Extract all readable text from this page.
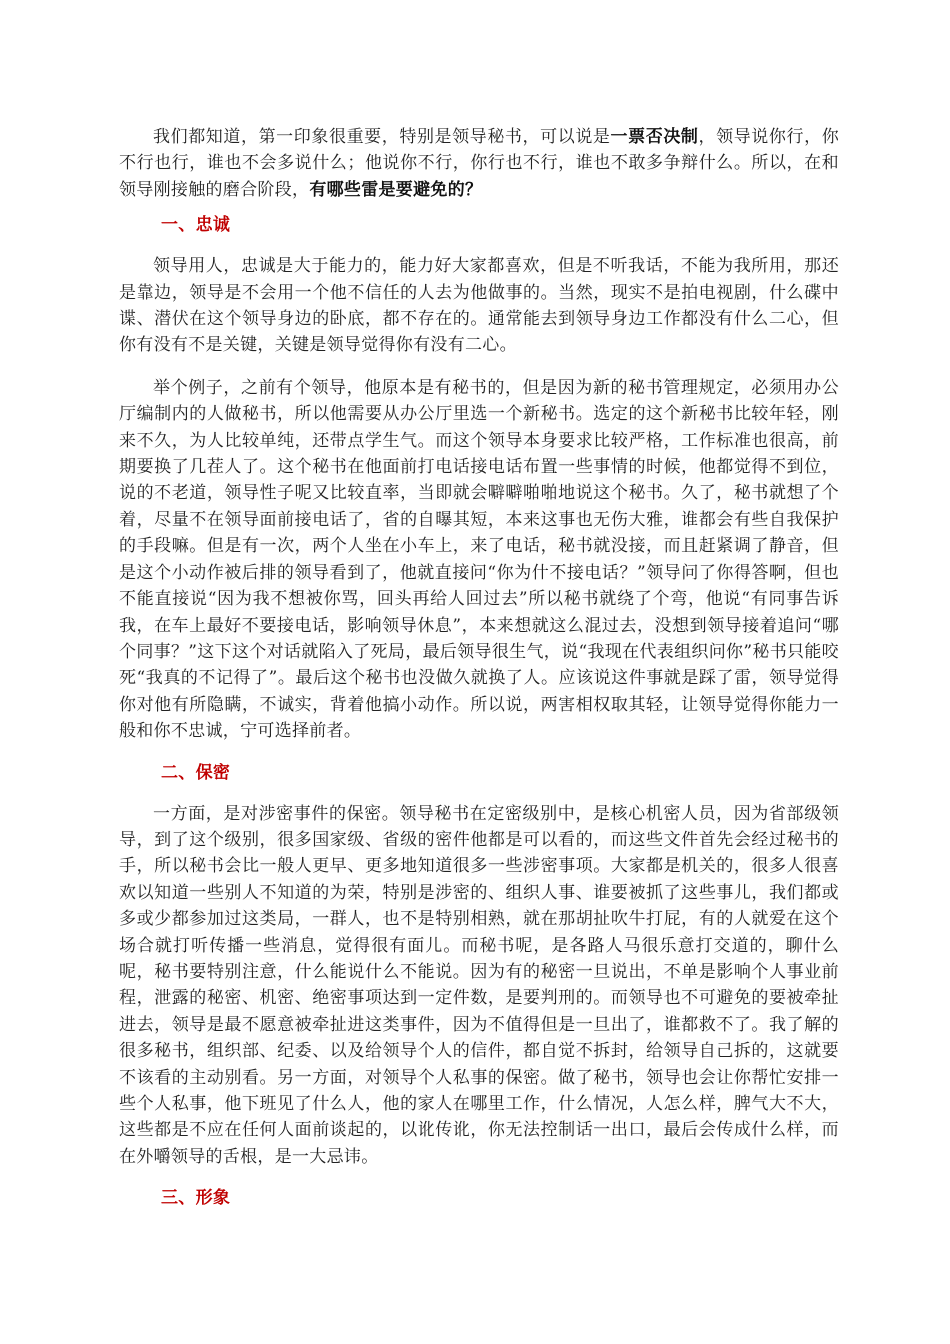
我们都知道，第一印象很重要，特别是领导秘书，可以说是一票否决制，领导说你行，你不行也行，谁也不会多说什么；他说你不行，你行也不行，谁也不敢多争辩什么。所以，在和领导刚接触的磨合阶段，有哪些雷是要避免的？

一、忠诚

领导用人，忠诚是大于能力的，能力好大家都喜欢，但是不听我话，不能为我所用，那还是靠边，领导是不会用一个他不信任的人去为他做事的。当然，现实不是拍电视剧，什么碟中谍、潜伏在这个领导身边的卧底，都不存在的。通常能去到领导身边工作都没有什么二心，但你有没有不是关键，关键是领导觉得你有没有二心。

举个例子，之前有个领导，他原本是有秘书的，但是因为新的秘书管理规定，必须用办公厅编制内的人做秘书，所以他需要从办公厅里选一个新秘书。选定的这个新秘书比较年轻，刚来不久，为人比较单纯，还带点学生气。而这个领导本身要求比较严格，工作标准也很高，前期要换了几茬人了。这个秘书在他面前打电话接电话布置一些事情的时候，他都觉得不到位，说的不老道，领导性子呢又比较直率，当即就会噼噼啪啪地说这个秘书。久了，秘书就想了个着，尽量不在领导面前接电话了，省的自曝其短，本来这事也无伤大雅，谁都会有些自我保护的手段嘛。但是有一次，两个人坐在小车上，来了电话，秘书就没接，而且赶紧调了静音，但是这个小动作被后排的领导看到了，他就直接问“你为什不接电话？”领导问了你得答啊，但也不能直接说“因为我不想被你骂，回头再给人回过去”所以秘书就绕了个弯，他说“有同事告诉我，在车上最好不要接电话，影响领导休息”，本来想就这么混过去，没想到领导接着追问“哪个同事？”这下这个对话就陷入了死局，最后领导很生气，说“我现在代表组织问你”秘书只能咬死“我真的不记得了”。最后这个秘书也没做久就换了人。应该说这件事就是踩了雷，领导觉得你对他有所隐瞒，不诚实，背着他搞小动作。所以说，两害相权取其轻，让领导觉得你能力一般和你不忠诚，宁可选择前者。

二、保密

一方面，是对涉密事件的保密。领导秘书在定密级别中，是核心机密人员，因为省部级领导，到了这个级别，很多国家级、省级的密件他都是可以看的，而这些文件首先会经过秘书的手，所以秘书会比一般人更早、更多地知道很多一些涉密事项。大家都是机关的，很多人很喜欢以知道一些别人不知道的为荣，特别是涉密的、组织人事、谁要被抓了这些事儿，我们都或多或少都参加过这类局，一群人，也不是特别相熟，就在那胡扯吹牛打屁，有的人就爱在这个场合就打听传播一些消息，觉得很有面儿。而秘书呢，是各路人马很乐意打交道的，聊什么呢，秘书要特别注意，什么能说什么不能说。因为有的秘密一旦说出，不单是影响个人事业前程，泄露的秘密、机密、绝密事项达到一定件数，是要判刑的。而领导也不可避免的要被牵扯进去，领导是最不愿意被牵扯进这类事件，因为不值得但是一旦出了，谁都救不了。我了解的很多秘书，组织部、纪委、以及给领导个人的信件，都自觉不拆封，给领导自己拆的，这就要不该看的主动别看。另一方面，对领导个人私事的保密。做了秘书，领导也会让你帮忙安排一些个人私事，他下班见了什么人，他的家人在哪里工作，什么情况，人怎么样，脾气大不大，这些都是不应在任何人面前谈起的，以讹传讹，你无法控制话一出口，最后会传成什么样，而在外嚼领导的舌根，是一大忌讳。

三、形象
